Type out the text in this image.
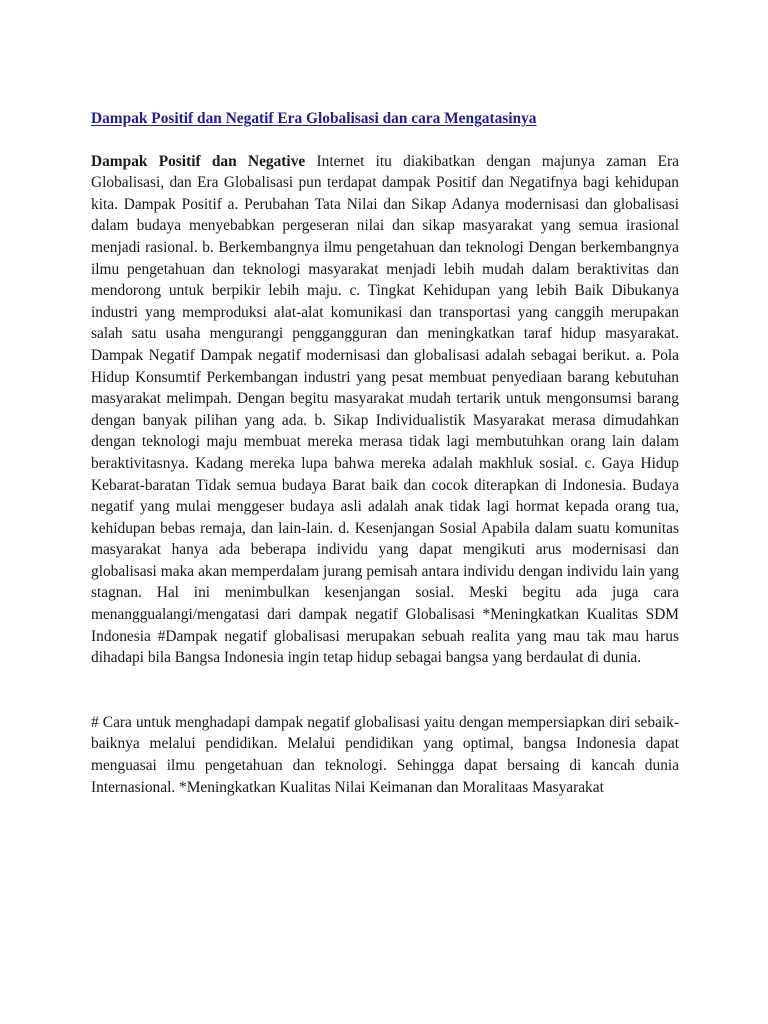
Dampak Positif dan Negatif Era Globalisasi dan cara Mengatasinya

Dampak Positif dan Negative Internet itu diakibatkan dengan majunya zaman Era Globalisasi, dan Era Globalisasi pun terdapat dampak Positif dan Negatifnya bagi kehidupan kita. Dampak Positif a. Perubahan Tata Nilai dan Sikap Adanya modernisasi dan globalisasi dalam budaya menyebabkan pergeseran nilai dan sikap masyarakat yang semua irasional menjadi rasional. b. Berkembangnya ilmu pengetahuan dan teknologi Dengan berkembangnya ilmu pengetahuan dan teknologi masyarakat menjadi lebih mudah dalam beraktivitas dan mendorong untuk berpikir lebih maju. c. Tingkat Kehidupan yang lebih Baik Dibukanya industri yang memproduksi alat-alat komunikasi dan transportasi yang canggih merupakan salah satu usaha mengurangi penggangguran dan meningkatkan taraf hidup masyarakat. Dampak Negatif Dampak negatif modernisasi dan globalisasi adalah sebagai berikut. a. Pola Hidup Konsumtif Perkembangan industri yang pesat membuat penyediaan barang kebutuhan masyarakat melimpah. Dengan begitu masyarakat mudah tertarik untuk mengonsumsi barang dengan banyak pilihan yang ada. b. Sikap Individualistik Masyarakat merasa dimudahkan dengan teknologi maju membuat mereka merasa tidak lagi membutuhkan orang lain dalam beraktivitasnya. Kadang mereka lupa bahwa mereka adalah makhluk sosial. c. Gaya Hidup Kebarat-baratan Tidak semua budaya Barat baik dan cocok diterapkan di Indonesia. Budaya negatif yang mulai menggeser budaya asli adalah anak tidak lagi hormat kepada orang tua, kehidupan bebas remaja, dan lain-lain. d. Kesenjangan Sosial Apabila dalam suatu komunitas masyarakat hanya ada beberapa individu yang dapat mengikuti arus modernisasi dan globalisasi maka akan memperdalam jurang pemisah antara individu dengan individu lain yang stagnan. Hal ini menimbulkan kesenjangan sosial. Meski begitu ada juga cara menanggualangi/mengatasi dari dampak negatif Globalisasi *Meningkatkan Kualitas SDM Indonesia #Dampak negatif globalisasi merupakan sebuah realita yang mau tak mau harus dihadapi bila Bangsa Indonesia ingin tetap hidup sebagai bangsa yang berdaulat di dunia.

# Cara untuk menghadapi dampak negatif globalisasi yaitu dengan mempersiapkan diri sebaik-baiknya melalui pendidikan. Melalui pendidikan yang optimal, bangsa Indonesia dapat menguasai ilmu pengetahuan dan teknologi. Sehingga dapat bersaing di kancah dunia Internasional. *Meningkatkan Kualitas Nilai Keimanan dan Moralitaas Masyarakat
